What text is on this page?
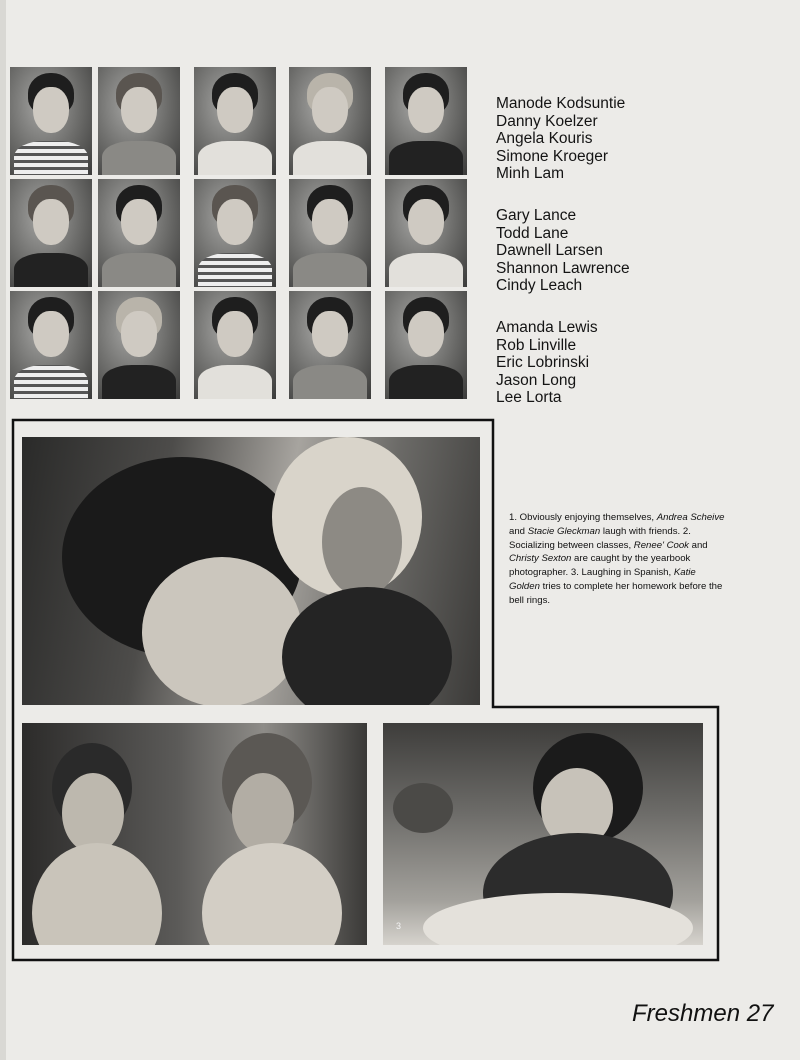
Manode Kodsuntie
Danny Koelzer
Angela Kouris
Simone Kroeger
Minh Lam
Gary Lance
Todd Lane
Dawnell Larsen
Shannon Lawrence
Cindy Leach
Amanda Lewis
Rob Linville
Eric Lobrinski
Jason Long
Lee Lorta
1. Obviously enjoying themselves, Andrea Scheive and Stacie Gleckman laugh with friends. 2. Socializing between classes, Renee' Cook and Christy Sexton are caught by the yearbook photographer. 3. Laughing in Spanish, Katie Golden tries to complete her homework before the bell rings.
3
Freshmen 27
